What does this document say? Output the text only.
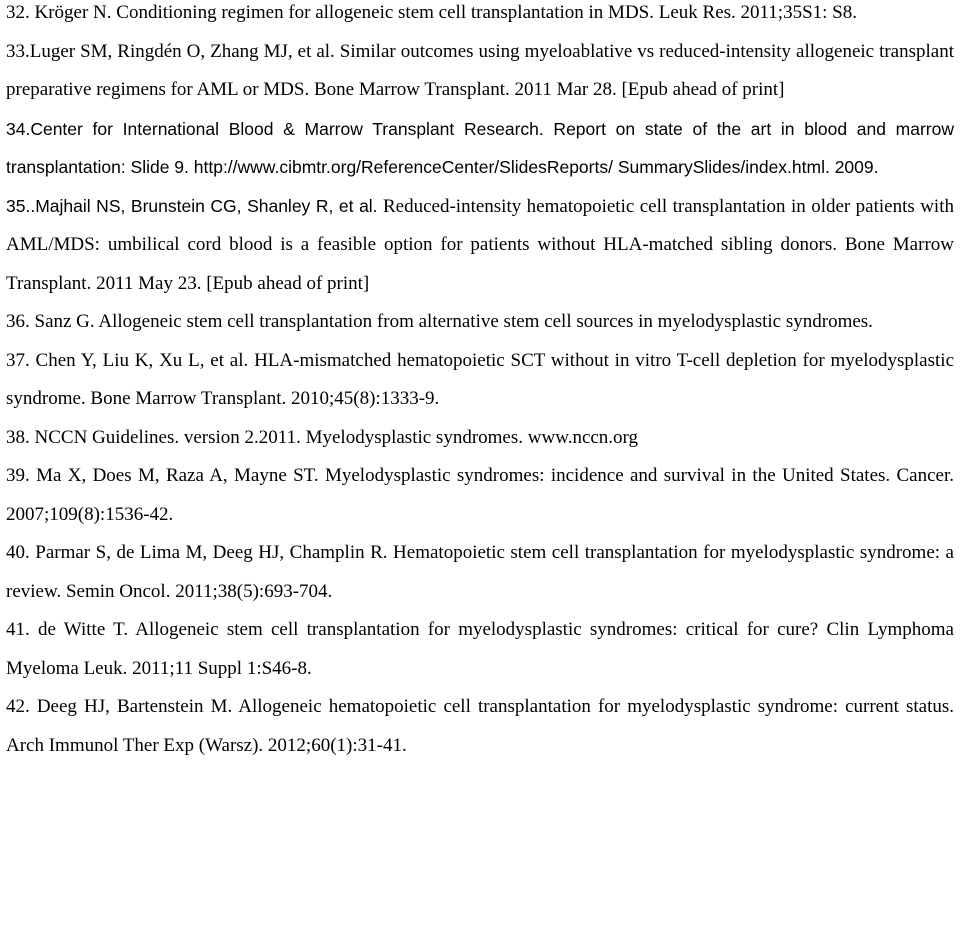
32. Kröger N. Conditioning regimen for allogeneic stem cell transplantation in MDS. Leuk Res. 2011;35S1: S8.

33.Luger SM, Ringdén O, Zhang MJ, et al. Similar outcomes using myeloablative vs reduced-intensity allogeneic transplant preparative regimens for AML or MDS. Bone Marrow Transplant. 2011 Mar 28. [Epub ahead of print]

34.Center for International Blood & Marrow Transplant Research. Report on state of the art in blood and marrow transplantation: Slide 9. http://www.cibmtr.org/ReferenceCenter/SlidesReports/ SummarySlides/index.html. 2009.

35..Majhail NS, Brunstein CG, Shanley R, et al. Reduced-intensity hematopoietic cell transplantation in older patients with AML/MDS: umbilical cord blood is a feasible option for patients without HLA-matched sibling donors. Bone Marrow Transplant. 2011 May 23. [Epub ahead of print]

36. Sanz G. Allogeneic stem cell transplantation from alternative stem cell sources in myelodysplastic syndromes.

37. Chen Y, Liu K, Xu L, et al. HLA-mismatched hematopoietic SCT without in vitro T-cell depletion for myelodysplastic syndrome. Bone Marrow Transplant. 2010;45(8):1333-9.

38. NCCN Guidelines. version 2.2011. Myelodysplastic syndromes. www.nccn.org

39. Ma X, Does M, Raza A, Mayne ST. Myelodysplastic syndromes: incidence and survival in the United States. Cancer. 2007;109(8):1536-42.

40. Parmar S, de Lima M, Deeg HJ, Champlin R. Hematopoietic stem cell transplantation for myelodysplastic syndrome: a review. Semin Oncol. 2011;38(5):693-704.

41. de Witte T. Allogeneic stem cell transplantation for myelodysplastic syndromes: critical for cure? Clin Lymphoma Myeloma Leuk. 2011;11 Suppl 1:S46-8.

42. Deeg HJ, Bartenstein M. Allogeneic hematopoietic cell transplantation for myelodysplastic syndrome: current status. Arch Immunol Ther Exp (Warsz). 2012;60(1):31-41.
